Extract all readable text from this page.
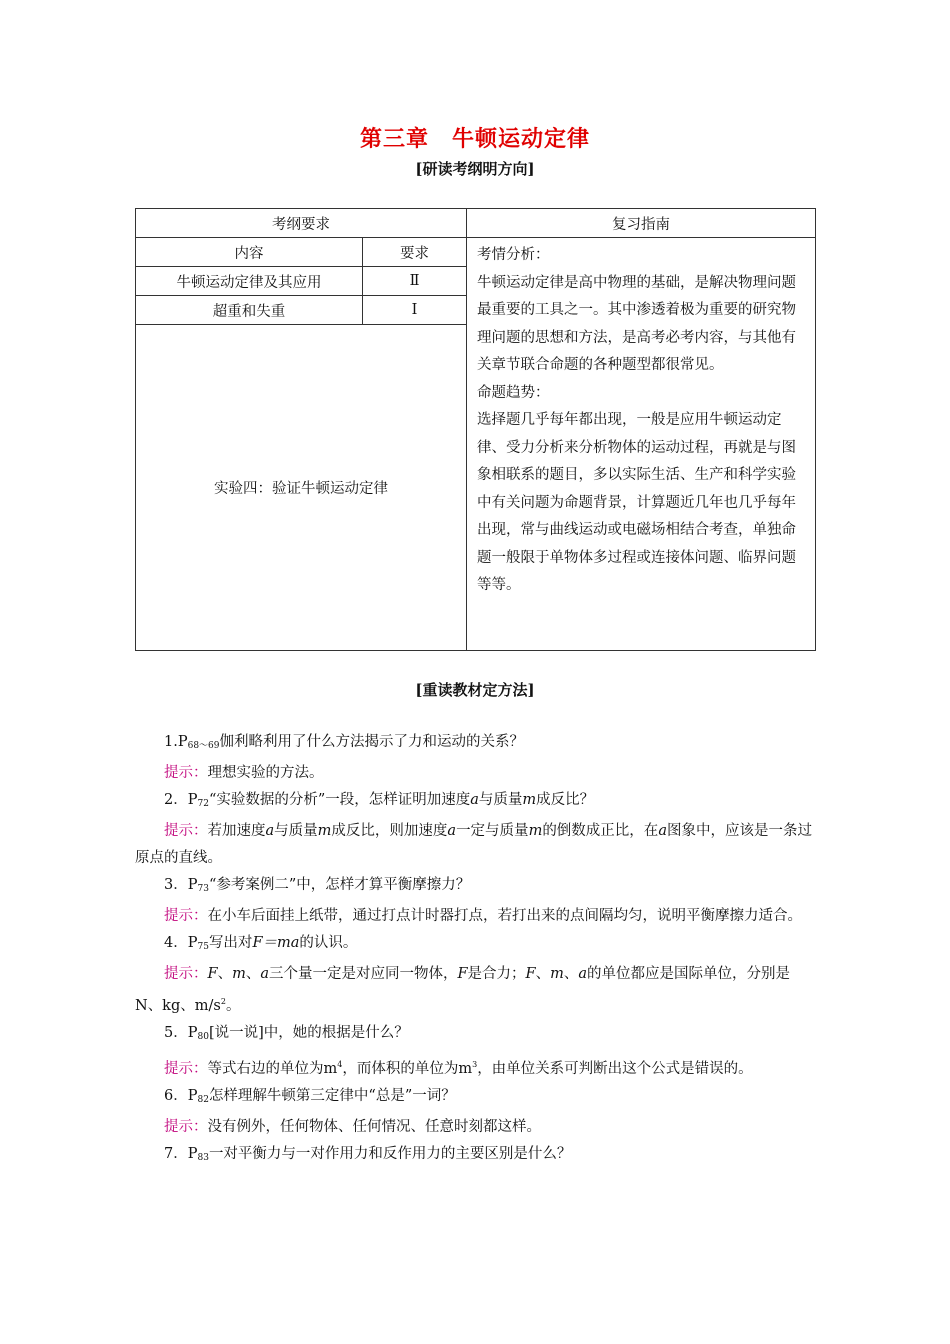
第三章　牛顿运动定律
[研读考纲明方向]
考纲要求		复习指南
内容	要求	考情分析：
牛顿运动定律是高中物理的基础，是解决物理问题最重要的工具之一。其中渗透着极为重要的研究物理问题的思想和方法，是高考必考内容，与其他有关章节联合命题的各种题型都很常见。
命题趋势：
选择题几乎每年都出现，一般是应用牛顿运动定律、受力分析来分析物体的运动过程，再就是与图象相联系的题目，多以实际生活、生产和科学实验中有关问题为命题背景，计算题近几年也几乎每年出现，常与曲线运动或电磁场相结合考查，单独命题一般限于单物体多过程或连接体问题、临界问题等等。

牛顿运动定律及其应用	Ⅱ	
超重和失重	Ⅰ	
实验四：验证牛顿运动定律		
[重读教材定方法]

$1.P_{68\sim 69}$伽利略利用了什么方法揭示了力和运动的关系？

提示：理想实验的方法。

2．$P_{72}“$实验数据的分析”一段，怎样证明加速度a与质量m成反比？

提示：若加速度a与质量m成反比，则加速度a一定与质量m的倒数成正比，在a图象中，应该是一条过原点的直线。

3．$P_{73}“$参考案例二”中，怎样才算平衡摩擦力？

提示：在小车后面挂上纸带，通过打点计时器打点，若打出来的点间隔均匀，说明平衡摩擦力适合。

4．$P_{75}$写出对F＝ma的认识。

提示：F、m、a三个量一定是对应同一物体，F是合力；F、m、a的单位都应是国际单位，分别是N、kg、$m/s^2$。

5．$P_{80}$[说一说]中，她的根据是什么？

提示：等式右边的单位为$m^4$，而体积的单位为$m^3$，由单位关系可判断出这个公式是错误的。

6．$P_{82}$怎样理解牛顿第三定律中“总是”一词？

提示：没有例外，任何物体、任何情况、任意时刻都这样。

7．$P_{83}$一对平衡力与一对作用力和反作用力的主要区别是什么？
